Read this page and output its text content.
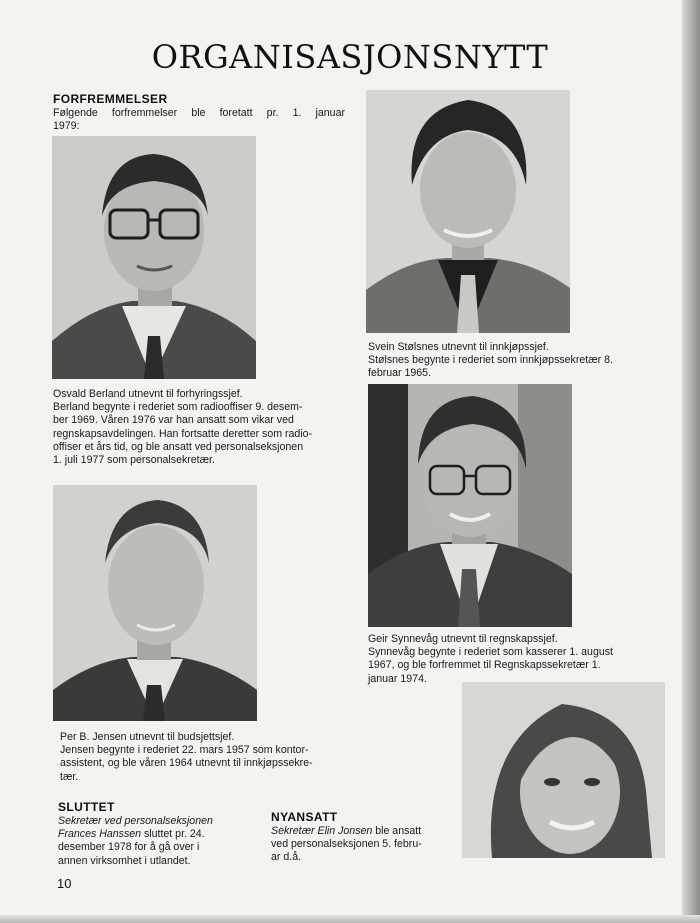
ORGANISASJONSNYTT
FORFREMMELSER
Følgende forfremmelser ble foretatt pr. 1. januar
1979:
Osvald Berland utnevnt til forhyringssjef.
Berland begynte i rederiet som radiooffiser 9. desem-
ber 1969. Våren 1976 var han ansatt som vikar ved
regnskapsavdelingen. Han fortsatte deretter som radio-
offiser et års tid, og ble ansatt ved personalseksjonen
1. juli 1977 som personalsekretær.
Svein Stølsnes utnevnt til innkjøpssjef.
Stølsnes begynte i rederiet som innkjøpssekretær 8.
februar 1965.
Geir Synnevåg utnevnt til regnskapssjef.
Synnevåg begynte i rederiet som kasserer 1. august
1967, og ble forfremmet til Regnskapssekretær 1.
januar 1974.
Per B. Jensen utnevnt til budsjettsjef.
Jensen begynte i rederiet 22. mars 1957 som kontor-
assistent, og ble våren 1964 utnevnt til innkjøpssekre-
tær.
SLUTTET
Sekretær ved personalseksjonen
Frances Hanssen sluttet pr. 24.
desember 1978 for å gå over i
annen virksomhet i utlandet.
NYANSATT
Sekretær Elin Jonsen ble ansatt
ved personalseksjonen 5. febru-
ar d.å.
10
